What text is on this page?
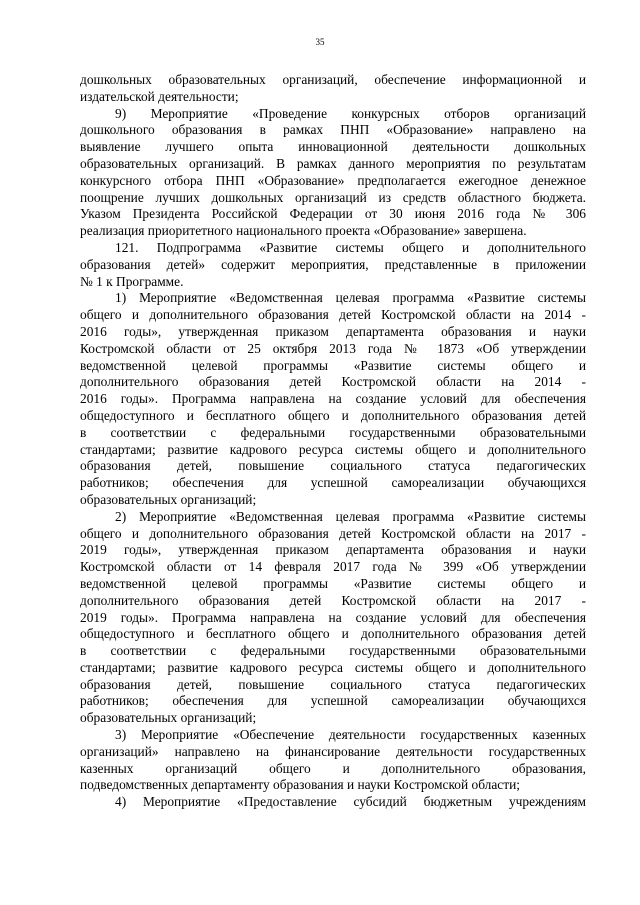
35
дошкольных образовательных организаций, обеспечение информационной и
издательской деятельности;
9) Мероприятие «Проведение конкурсных отборов организаций
дошкольного образования в рамках ПНП «Образование» направлено на
выявление лучшего опыта инновационной деятельности дошкольных
образовательных организаций. В рамках данного мероприятия по результатам
конкурсного отбора ПНП «Образование» предполагается ежегодное денежное
поощрение лучших дошкольных организаций из средств областного бюджета.
Указом Президента Российской Федерации от 30 июня 2016 года № 306
реализация приоритетного национального проекта «Образование» завершена.
121. Подпрограмма «Развитие системы общего и дополнительного
образования детей» содержит мероприятия, представленные в приложении
№ 1 к Программе.
1) Мероприятие «Ведомственная целевая программа «Развитие системы
общего и дополнительного образования детей Костромской области на 2014 -
2016 годы», утвержденная приказом департамента образования и науки
Костромской области от 25 октября 2013 года № 1873 «Об утверждении
ведомственной целевой программы «Развитие системы общего и
дополнительного образования детей Костромской области на 2014 -
2016 годы». Программа направлена на создание условий для обеспечения
общедоступного и бесплатного общего и дополнительного образования детей
в соответствии с федеральными государственными образовательными
стандартами; развитие кадрового ресурса системы общего и дополнительного
образования детей, повышение социального статуса педагогических
работников; обеспечения для успешной самореализации обучающихся
образовательных организаций;
2) Мероприятие «Ведомственная целевая программа «Развитие системы
общего и дополнительного образования детей Костромской области на 2017 -
2019 годы», утвержденная приказом департамента образования и науки
Костромской области от 14 февраля 2017 года № 399 «Об утверждении
ведомственной целевой программы «Развитие системы общего и
дополнительного образования детей Костромской области на 2017 -
2019 годы». Программа направлена на создание условий для обеспечения
общедоступного и бесплатного общего и дополнительного образования детей
в соответствии с федеральными государственными образовательными
стандартами; развитие кадрового ресурса системы общего и дополнительного
образования детей, повышение социального статуса педагогических
работников; обеспечения для успешной самореализации обучающихся
образовательных организаций;
3) Мероприятие «Обеспечение деятельности государственных казенных
организаций» направлено на финансирование деятельности государственных
казенных организаций общего и дополнительного образования,
подведомственных департаменту образования и науки Костромской области;
4) Мероприятие «Предоставление субсидий бюджетным учреждениям
